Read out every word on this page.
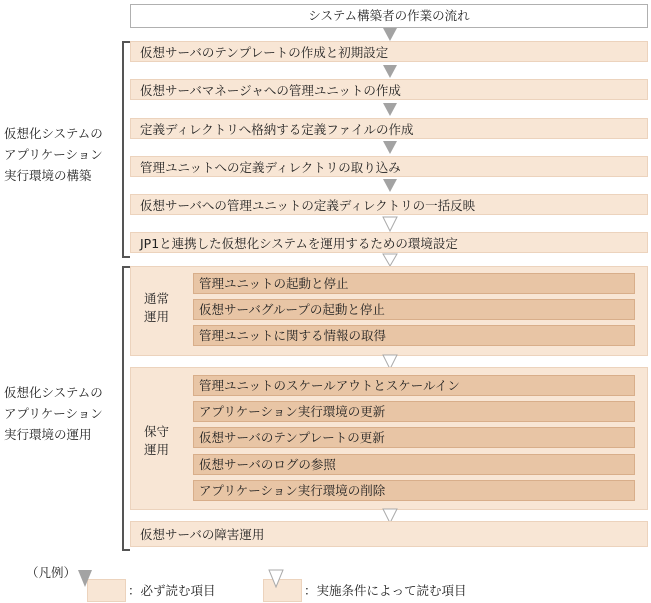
システム構築者の作業の流れ
仮想化システムの
アプリケーション
実行環境の構築
仮想サーバのテンプレートの作成と初期設定
仮想サーバマネージャへの管理ユニットの作成
定義ディレクトリへ格納する定義ファイルの作成
管理ユニットへの定義ディレクトリの取り込み
仮想サーバへの管理ユニットの定義ディレクトリの一括反映
JP1と連携した仮想化システムを運用するための環境設定
仮想化システムの
アプリケーション
実行環境の運用
通常
運用
管理ユニットの起動と停止
仮想サーバグループの起動と停止
管理ユニットに関する情報の取得
保守
運用
管理ユニットのスケールアウトとスケールイン
アプリケーション実行環境の更新
仮想サーバのテンプレートの更新
仮想サーバのログの参照
アプリケーション実行環境の削除
仮想サーバの障害運用
（凡例）
：必ず読む項目	：実施条件によって読む項目
